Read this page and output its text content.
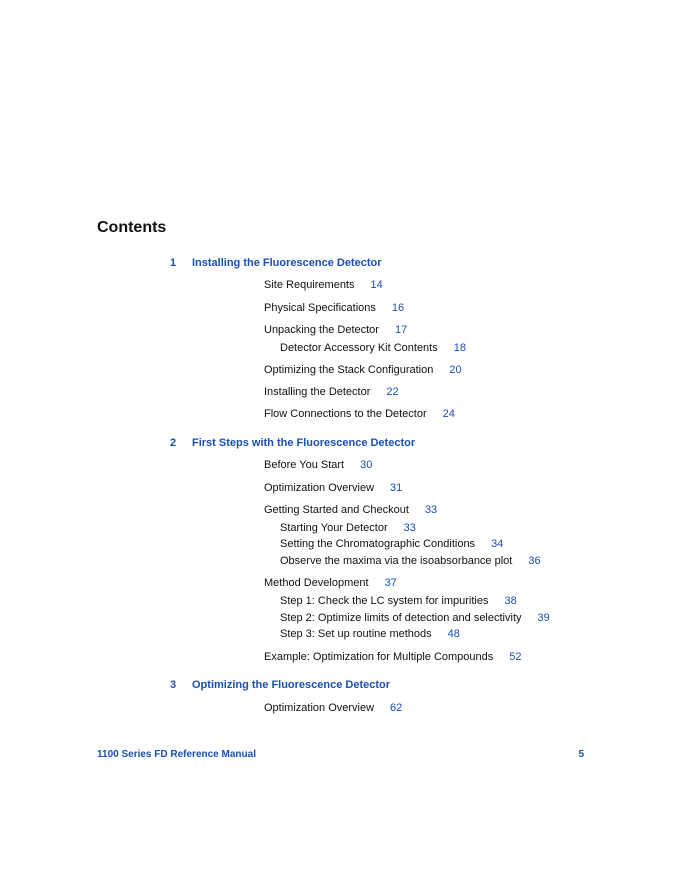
Contents
1 Installing the Fluorescence Detector
Site Requirements 14
Physical Specifications 16
Unpacking the Detector 17
Detector Accessory Kit Contents 18
Optimizing the Stack Configuration 20
Installing the Detector 22
Flow Connections to the Detector 24
2 First Steps with the Fluorescence Detector
Before You Start 30
Optimization Overview 31
Getting Started and Checkout 33
Starting Your Detector 33
Setting the Chromatographic Conditions 34
Observe the maxima via the isoabsorbance plot 36
Method Development 37
Step 1: Check the LC system for impurities 38
Step 2: Optimize limits of detection and selectivity 39
Step 3: Set up routine methods 48
Example: Optimization for Multiple Compounds 52
3 Optimizing the Fluorescence Detector
Optimization Overview 62
1100 Series FD Reference Manual	5
